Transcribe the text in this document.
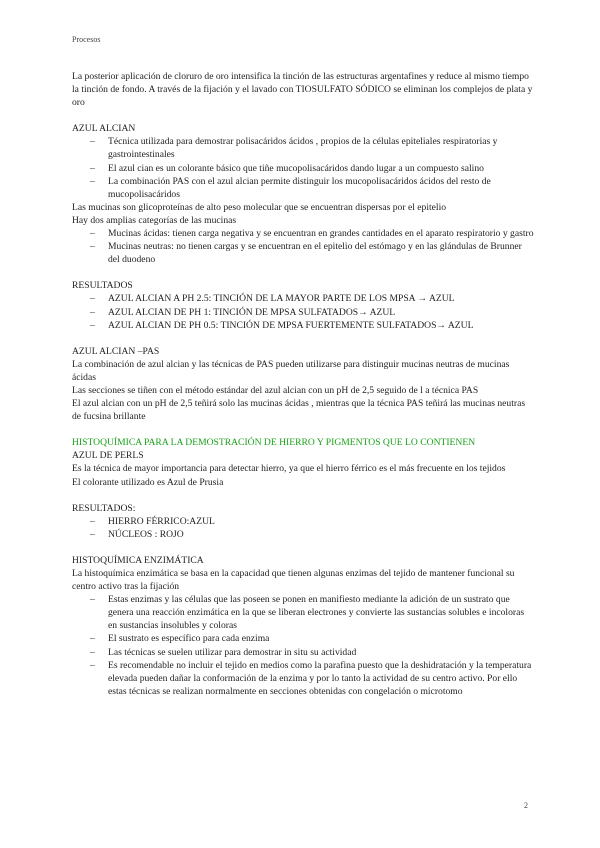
Procesos

La posterior aplicación de cloruro de oro intensifica la tinción de las estructuras argentafines y reduce al mismo tiempo la tinción de fondo. A través de la fijación y el lavado con TIOSULFATO SÓDICO se eliminan los complejos de plata y oro

AZUL ALCIAN

– Técnica utilizada para demostrar polisacáridos ácidos , propios de la células epiteliales respiratorias y gastrointestinales
– El azul cian es un colorante básico que tiñe mucopolisacáridos dando lugar a un compuesto salino
– La combinación PAS con el azul alcian permite distinguir los mucopolisacáridos ácidos del resto de mucopolisacáridos

Las mucinas son glicoproteínas de alto peso molecular que se encuentran dispersas por el epitelio

Hay dos amplias categorías de las mucinas

– Mucinas ácidas: tienen carga negativa y se encuentran en grandes cantidades en el aparato respiratorio y gastro
– Mucinas neutras: no tienen cargas y se encuentran en el epitelio del estómago y en las glándulas de Brunner del duodeno

RESULTADOS

– AZUL ALCIAN A PH 2.5: TINCIÓN DE LA MAYOR PARTE DE LOS MPSA → AZUL
– AZUL ALCIAN DE PH 1: TINCIÓN DE MPSA SULFATADOS→ AZUL
– AZUL ALCIAN DE PH 0.5: TINCIÓN DE MPSA FUERTEMENTE SULFATADOS→ AZUL

AZUL ALCIAN –PAS

La combinación de azul alcian y las técnicas de PAS pueden utilizarse para distinguir mucinas neutras de mucinas ácidas

Las secciones se tiñen con el método estándar del azul alcian con un pH de 2,5 seguido de l a técnica PAS

El azul alcian con un pH de 2,5 teñirá solo las mucinas ácidas , mientras que la técnica PAS teñirá las mucinas neutras de fucsina brillante

HISTOQUÍMICA PARA LA DEMOSTRACIÓN DE HIERRO Y PIGMENTOS QUE LO CONTIENEN

AZUL DE PERLS

Es la técnica de mayor importancia para detectar hierro, ya que el hierro férrico es el más frecuente en los tejidos

El colorante utilizado es Azul de Prusia

RESULTADOS:

– HIERRO FÉRRICO:AZUL
– NÚCLEOS : ROJO

HISTOQUÍMICA ENZIMÁTICA

La histoquímica enzimática se basa en la capacidad que tienen algunas enzimas del tejido de mantener funcional su centro activo tras la fijación

– Estas enzimas y las células que las poseen se ponen en manifiesto mediante la adición de un sustrato que genera una reacción enzimática en la que se liberan electrones y convierte las sustancias solubles e incoloras en sustancias insolubles y coloras
– El sustrato es específico para cada enzima
– Las técnicas se suelen utilizar para demostrar in situ su actividad
– Es recomendable no incluir el tejido en medios como la parafina puesto que la deshidratación y la temperatura elevada pueden dañar la conformación de la enzima y por lo tanto la actividad de su centro activo. Por ello estas técnicas se realizan normalmente en secciones obtenidas con congelación o microtomo
2
